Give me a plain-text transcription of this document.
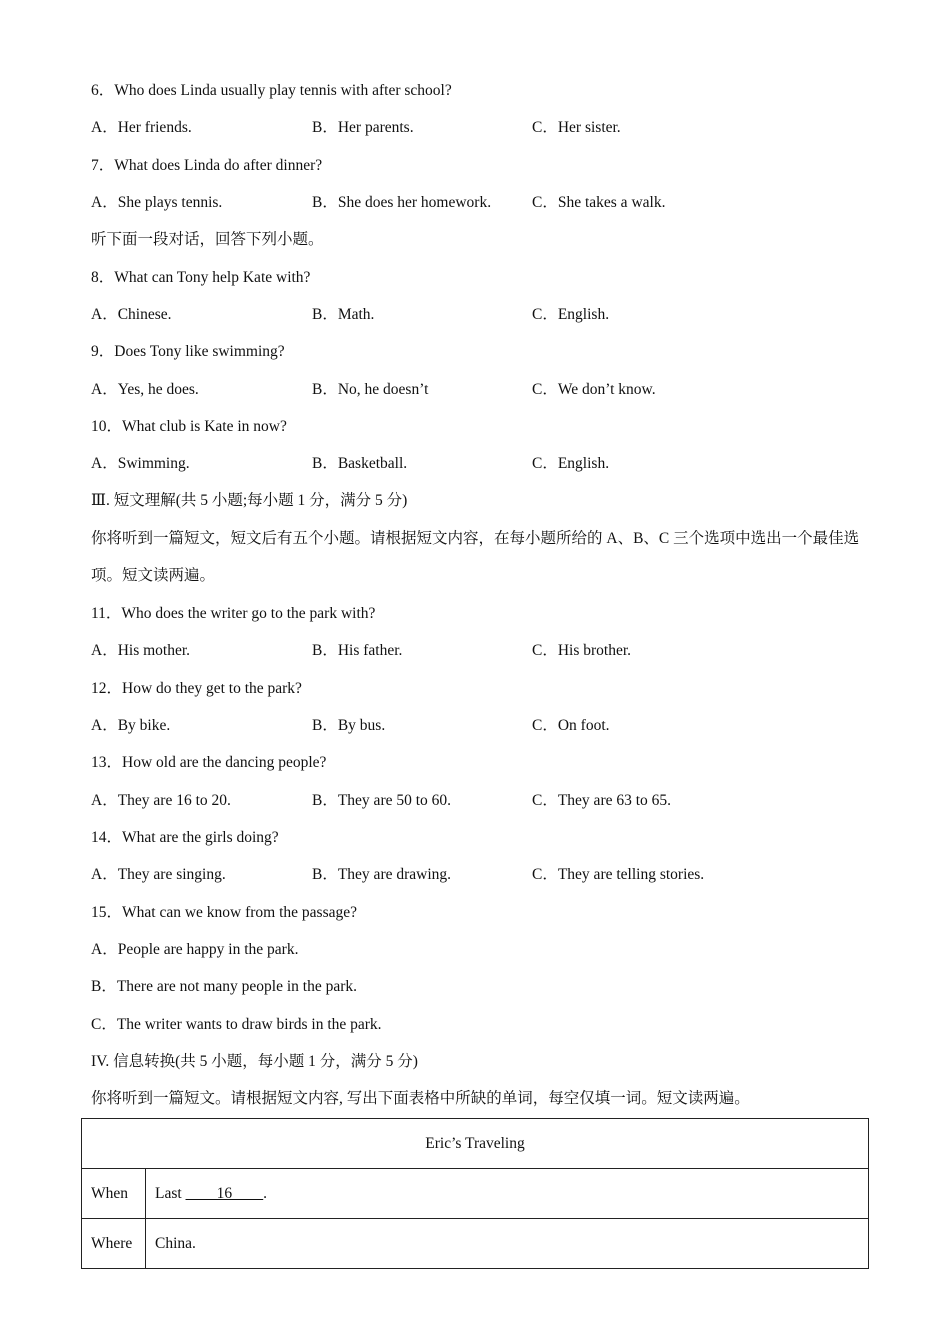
6．Who does Linda usually play tennis with after school?
A．Her friends.	B．Her parents.	C．Her sister.
7．What does Linda do after dinner?
A．She plays tennis.	B．She does her homework.	C．She takes a walk.
听下面一段对话，回答下列小题。
8．What can Tony help Kate with?
A．Chinese.	B．Math.	C．English.
9．Does Tony like swimming?
A．Yes, he does.	B．No, he doesn’t	C．We don’t know.
10．What club is Kate in now?
A．Swimming.	B．Basketball.	C．English.
Ⅲ. 短文理解(共 5 小题;每小题 1 分，满分 5 分)
你将听到一篇短文，短文后有五个小题。请根据短文内容，在每小题所给的 A、B、C 三个选项中选出一个最佳选项。短文读两遍。
11．Who does the writer go to the park with?
A．His mother.	B．His father.	C．His brother.
12．How do they get to the park?
A．By bike.	B．By bus.	C．On foot.
13．How old are the dancing people?
A．They are 16 to 20.	B．They are 50 to 60.	C．They are 63 to 65.
14．What are the girls doing?
A．They are singing.	B．They are drawing.	C．They are telling stories.
15．What can we know from the passage?
A．People are happy in the park.
B．There are not many people in the park.
C．The writer wants to draw birds in the park.
IV. 信息转换(共 5 小题，每小题 1 分，满分 5 分)
你将听到一篇短文。请根据短文内容, 写出下面表格中所缺的单词，每空仅填一词。短文读两遍。
Eric’s Traveling	
When	Last ____16____.
Where	China.
